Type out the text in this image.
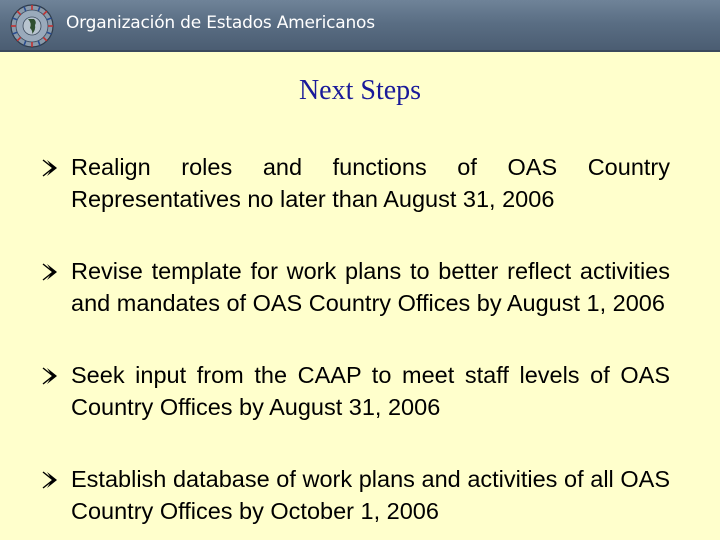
Organización de Estados Americanos
Next Steps
Realign roles and functions of OAS Country Representatives no later than August 31, 2006
Revise template for work plans to better reflect activities and mandates of OAS Country Offices by August 1, 2006
Seek input from the CAAP to meet staff levels of OAS Country Offices by August 31, 2006
Establish database of work plans and activities of all OAS Country Offices by October 1, 2006
